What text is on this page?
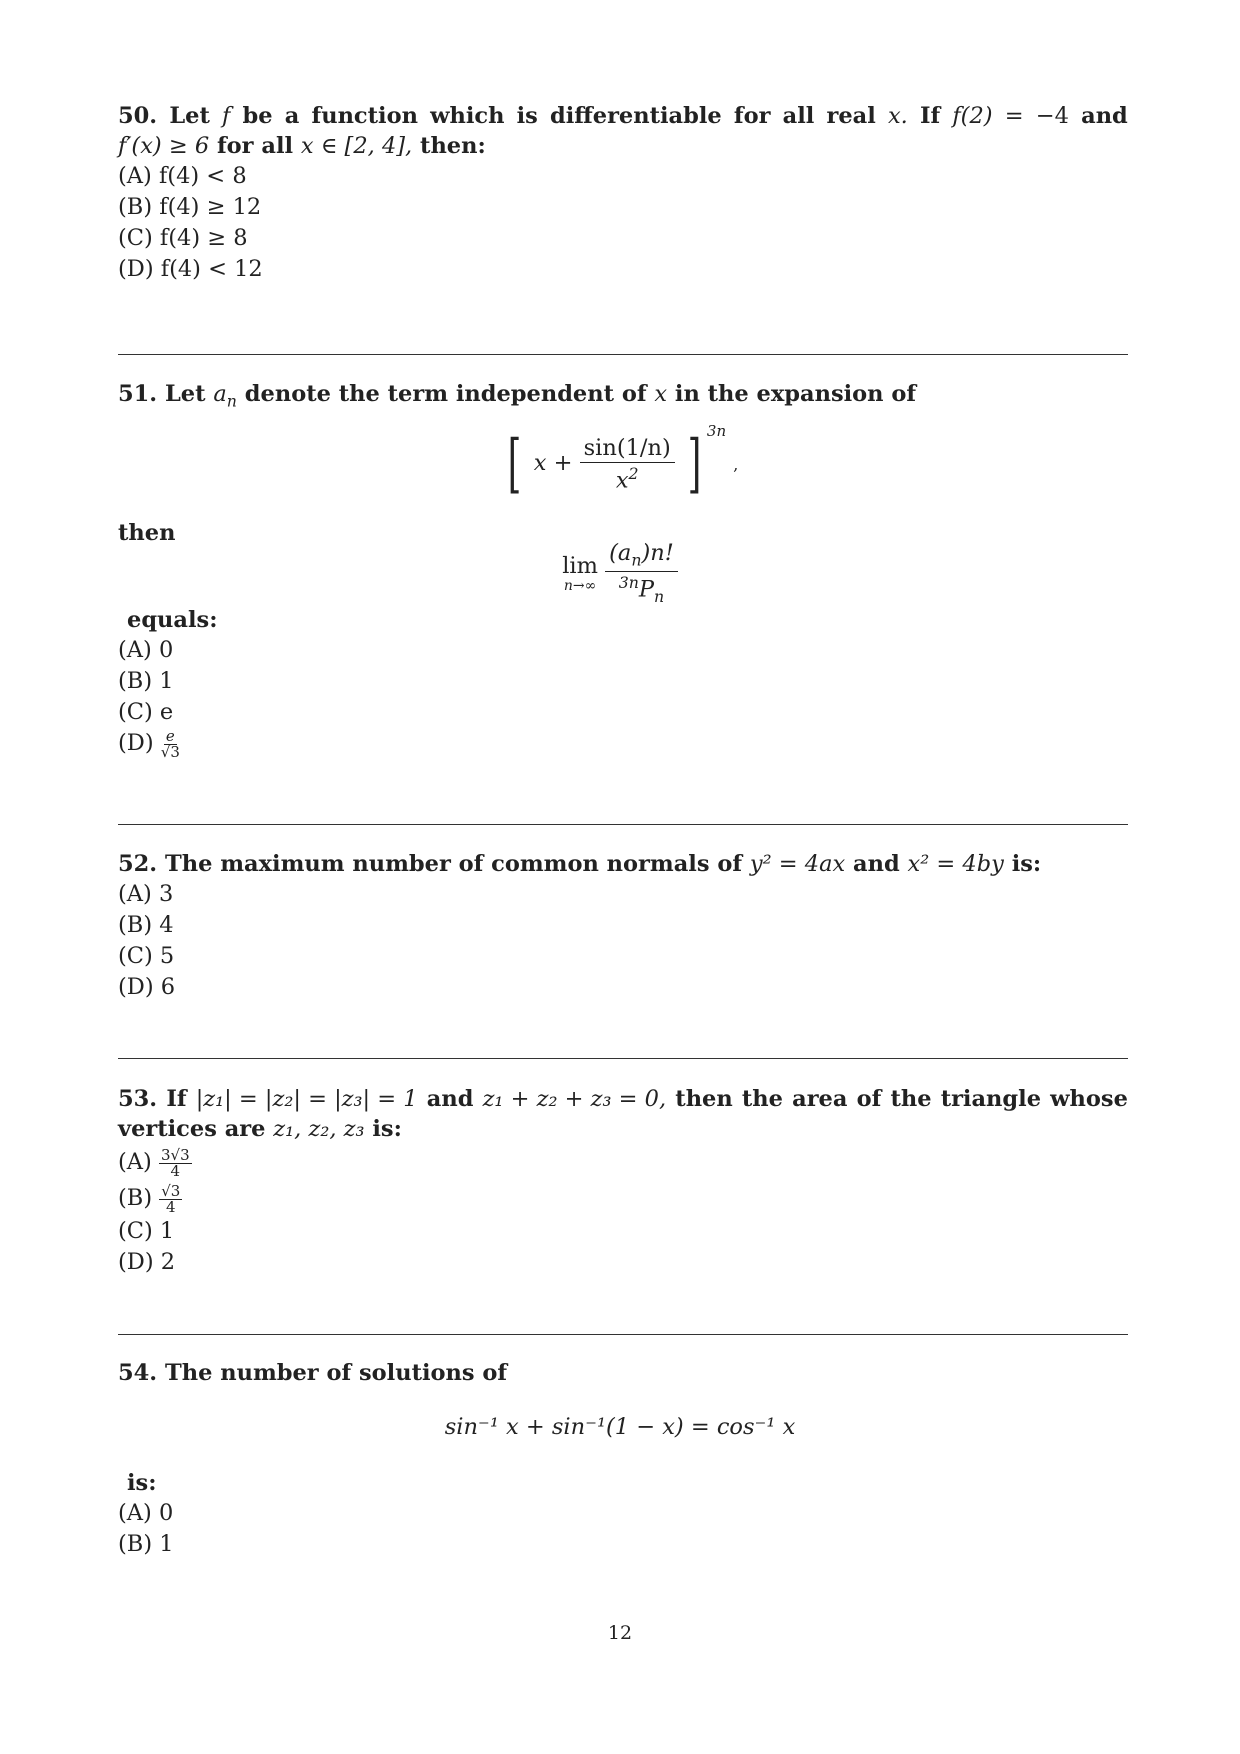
50. Let f be a function which is differentiable for all real x. If f(2) = −4 and
f′(x) ≥ 6 for all x ∈ [2, 4], then:
(A) f(4) < 8
(B) f(4) ≥ 12
(C) f(4) ≥ 8
(D) f(4) < 12
51. Let $a_n$ denote the term independent of x in the expansion of
[ $x + \frac{\sin(1/n)}{x^2}$ ] $^{3n}$ ,
then
lim
n→∞
$\frac{(a_n)n!}{^{3n}P_n}$
equals:
(A) 0
(B) 1
(C) e
$(D) \frac{e}{√3}$
52. The maximum number of common normals of y² = 4ax and x² = 4by is:
(A) 3
(B) 4
(C) 5
(D) 6
53. If |z₁| = |z₂| = |z₃| = 1 and z₁ + z₂ + z₃ = 0, then the area of the triangle whose
vertices are z₁, z₂, z₃ is:
$(A) \frac{3√3}{4}$
$(B) \frac{√3}{4}$
(C) 1
(D) 2
54. The number of solutions of
sin⁻¹ x + sin⁻¹(1 − x) = cos⁻¹ x
is:
(A) 0
(B) 1
12
